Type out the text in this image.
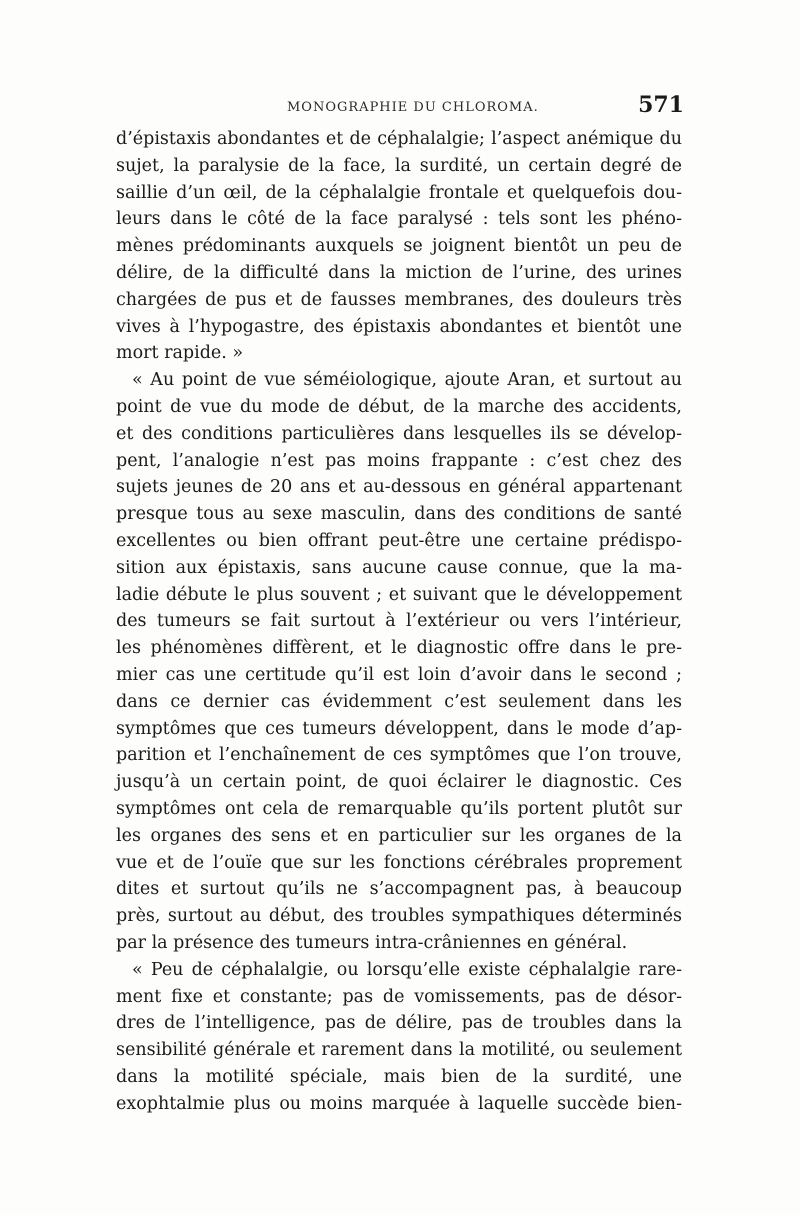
MONOGRAPHIE DU CHLOROMA.	571
d’épistaxis abondantes et de céphalalgie; l’aspect anémique du
sujet, la paralysie de la face, la surdité, un certain degré de
saillie d’un œil, de la céphalalgie frontale et quelquefois dou-
leurs dans le côté de la face paralysé : tels sont les phéno-
mènes prédominants auxquels se joignent bientôt un peu de
délire, de la difficulté dans la miction de l’urine, des urines
chargées de pus et de fausses membranes, des douleurs très
vives à l’hypogastre, des épistaxis abondantes et bientôt une
mort rapide. »
« Au point de vue séméiologique, ajoute Aran, et surtout au
point de vue du mode de début, de la marche des accidents,
et des conditions particulières dans lesquelles ils se dévelop-
pent, l’analogie n’est pas moins frappante : c’est chez des
sujets jeunes de 20 ans et au-dessous en général appartenant
presque tous au sexe masculin, dans des conditions de santé
excellentes ou bien offrant peut-être une certaine prédispo-
sition aux épistaxis, sans aucune cause connue, que la ma-
ladie débute le plus souvent ; et suivant que le développement
des tumeurs se fait surtout à l’extérieur ou vers l’intérieur,
les phénomènes diffèrent, et le diagnostic offre dans le pre-
mier cas une certitude qu’il est loin d’avoir dans le second ;
dans ce dernier cas évidemment c’est seulement dans les
symptômes que ces tumeurs développent, dans le mode d’ap-
parition et l’enchaînement de ces symptômes que l’on trouve,
jusqu’à un certain point, de quoi éclairer le diagnostic. Ces
symptômes ont cela de remarquable qu’ils portent plutôt sur
les organes des sens et en particulier sur les organes de la
vue et de l’ouïe que sur les fonctions cérébrales proprement
dites et surtout qu’ils ne s’accompagnent pas, à beaucoup
près, surtout au début, des troubles sympathiques déterminés
par la présence des tumeurs intra-crâniennes en général.
« Peu de céphalalgie, ou lorsqu’elle existe céphalalgie rare-
ment fixe et constante; pas de vomissements, pas de désor-
dres de l’intelligence, pas de délire, pas de troubles dans la
sensibilité générale et rarement dans la motilité, ou seulement
dans la motilité spéciale, mais bien de la surdité, une
exophtalmie plus ou moins marquée à laquelle succède bien-
